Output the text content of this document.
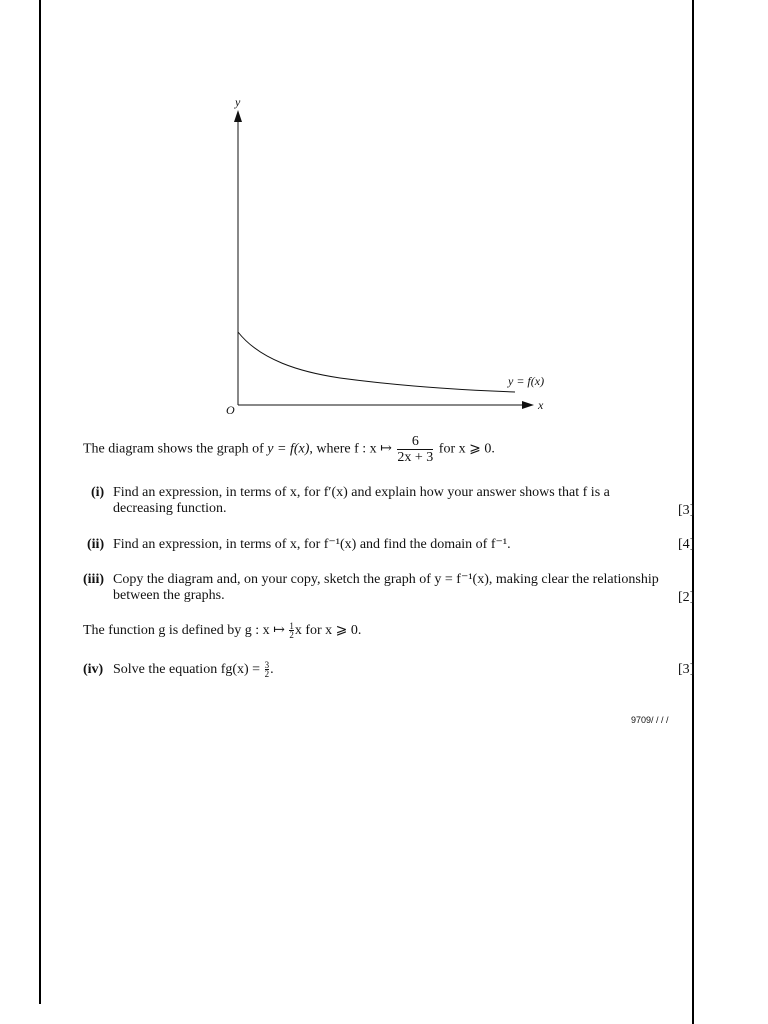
y
x
O
y = f(x)
The diagram shows the graph of y = f(x), where f : x ↦ $\frac{6}{2x + 3}$ for x ⩾ 0.
(i) Find an expression, in terms of x, for f′(x) and explain how your answer shows that f is a
decreasing function.	[3]
(ii) Find an expression, in terms of x, for f⁻¹(x) and find the domain of f⁻¹.	[4]
(iii) Copy the diagram and, on your copy, sketch the graph of y = f⁻¹(x), making clear the relationship
between the graphs.	[2]
The function g is defined by g : x ↦ $\frac{1}{2}$ x for x ⩾ 0.
(iv) Solve the equation $fg(x) = \frac{3}{2}$ .	[3]
9709/ / / /
